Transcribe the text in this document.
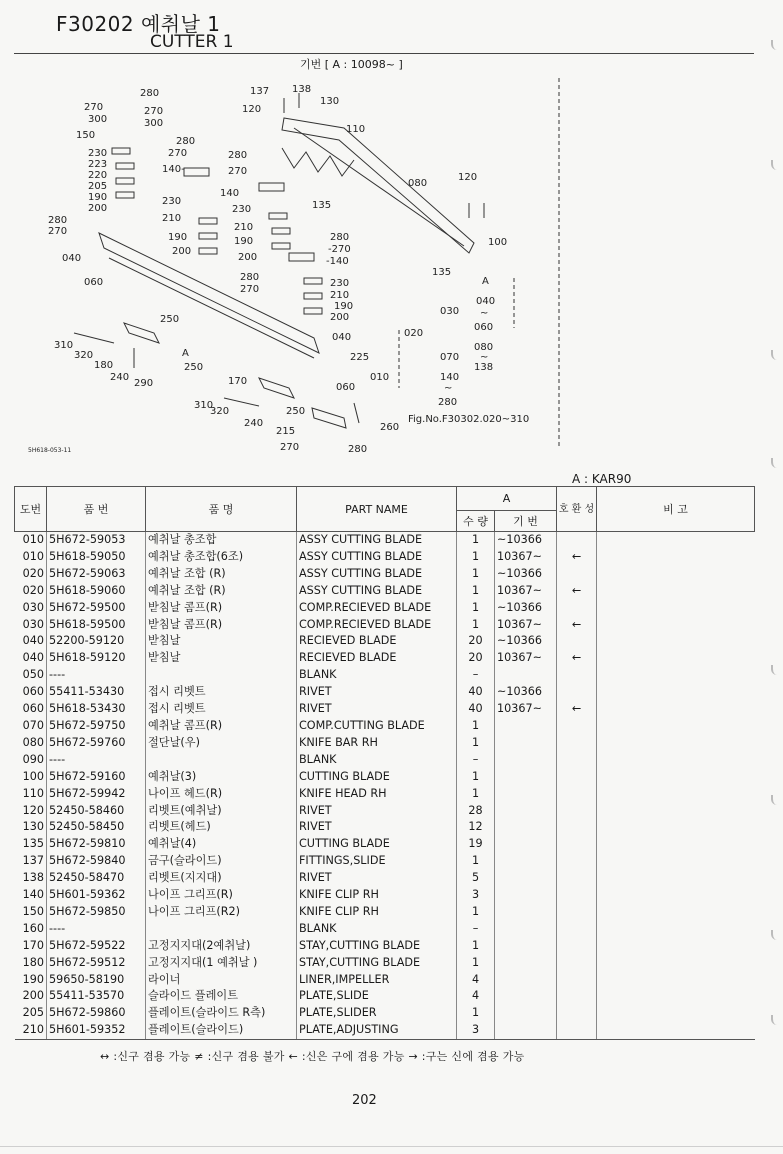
F30202 예취날 1
CUTTER 1
기번 [ A : 10098~ ]
280
270	270
300	300
150
230
223
220
205
190
200
280
270
040
060
140-
280
270
230
210
190
200
137 138
120
130
110
280
270
140
230
210
190
200
135
080
120
100
135
280
-270
-140
280
270
230
210
190
200
040
250
310
320
180
240
290
250
A	225
170
060
310
320	250
240
215	260
270	280
A
040
~
060
030
080
~
138
020
070
010	140
~
280
Fig.No.F30302.020~310
5H618-053-11
A : KAR90
도번	품 번	품 명	PART NAME	A		호 환 성	비 고
				수 량	기 번		
010	5H672-59053	예취날 총조합	ASSY CUTTING BLADE	1	~10366		
010	5H618-59050	예취날 총조합(6조)	ASSY CUTTING BLADE	1	10367~	←	
020	5H672-59063	예취날 조합 (R)	ASSY CUTTING BLADE	1	~10366		
020	5H618-59060	예취날 조합 (R)	ASSY CUTTING BLADE	1	10367~	←	
030	5H672-59500	받침날 콤프(R)	COMP.RECIEVED BLADE	1	~10366		
030	5H618-59500	받침날 콤프(R)	COMP.RECIEVED BLADE	1	10367~	←	
040	52200-59120	받침날	RECIEVED BLADE	20	~10366		
040	5H618-59120	받침날	RECIEVED BLADE	20	10367~	←	
050	----		BLANK	–			
060	55411-53430	접시 리벳트	RIVET	40	~10366		
060	5H618-53430	접시 리벳트	RIVET	40	10367~	←	
070	5H672-59750	예취날 콤프(R)	COMP.CUTTING BLADE	1			
080	5H672-59760	절단날(우)	KNIFE BAR RH	1			
090	----		BLANK	–			
100	5H672-59160	예취날(3)	CUTTING BLADE	1			
110	5H672-59942	나이프 헤드(R)	KNIFE HEAD RH	1			
120	52450-58460	리벳트(예취날)	RIVET	28			
130	52450-58450	리벳트(헤드)	RIVET	12			
135	5H672-59810	예취날(4)	CUTTING BLADE	19			
137	5H672-59840	금구(슬라이드)	FITTINGS,SLIDE	1			
138	52450-58470	리벳트(지지대)	RIVET	5			
140	5H601-59362	나이프 그리프(R)	KNIFE CLIP RH	3			
150	5H672-59850	나이프 그리프(R2)	KNIFE CLIP RH	1			
160	----		BLANK	–			
170	5H672-59522	고정지지대(2예취날)	STAY,CUTTING BLADE	1			
180	5H672-59512	고정지지대(1 예취날 )	STAY,CUTTING BLADE	1			
190	59650-58190	라이너	LINER,IMPELLER	4			
200	55411-53570	슬라이드 플레이트	PLATE,SLIDE	4			
205	5H672-59860	플레이트(슬라이드 R측)	PLATE,SLIDER	1			
210	5H601-59352	플레이트(슬라이드)	PLATE,ADJUSTING	3			
↔ :신구 겸용 가능 ≠ :신구 겸용 불가 ← :신은 구에 겸용 가능 → :구는 신에 겸용 가능
202
